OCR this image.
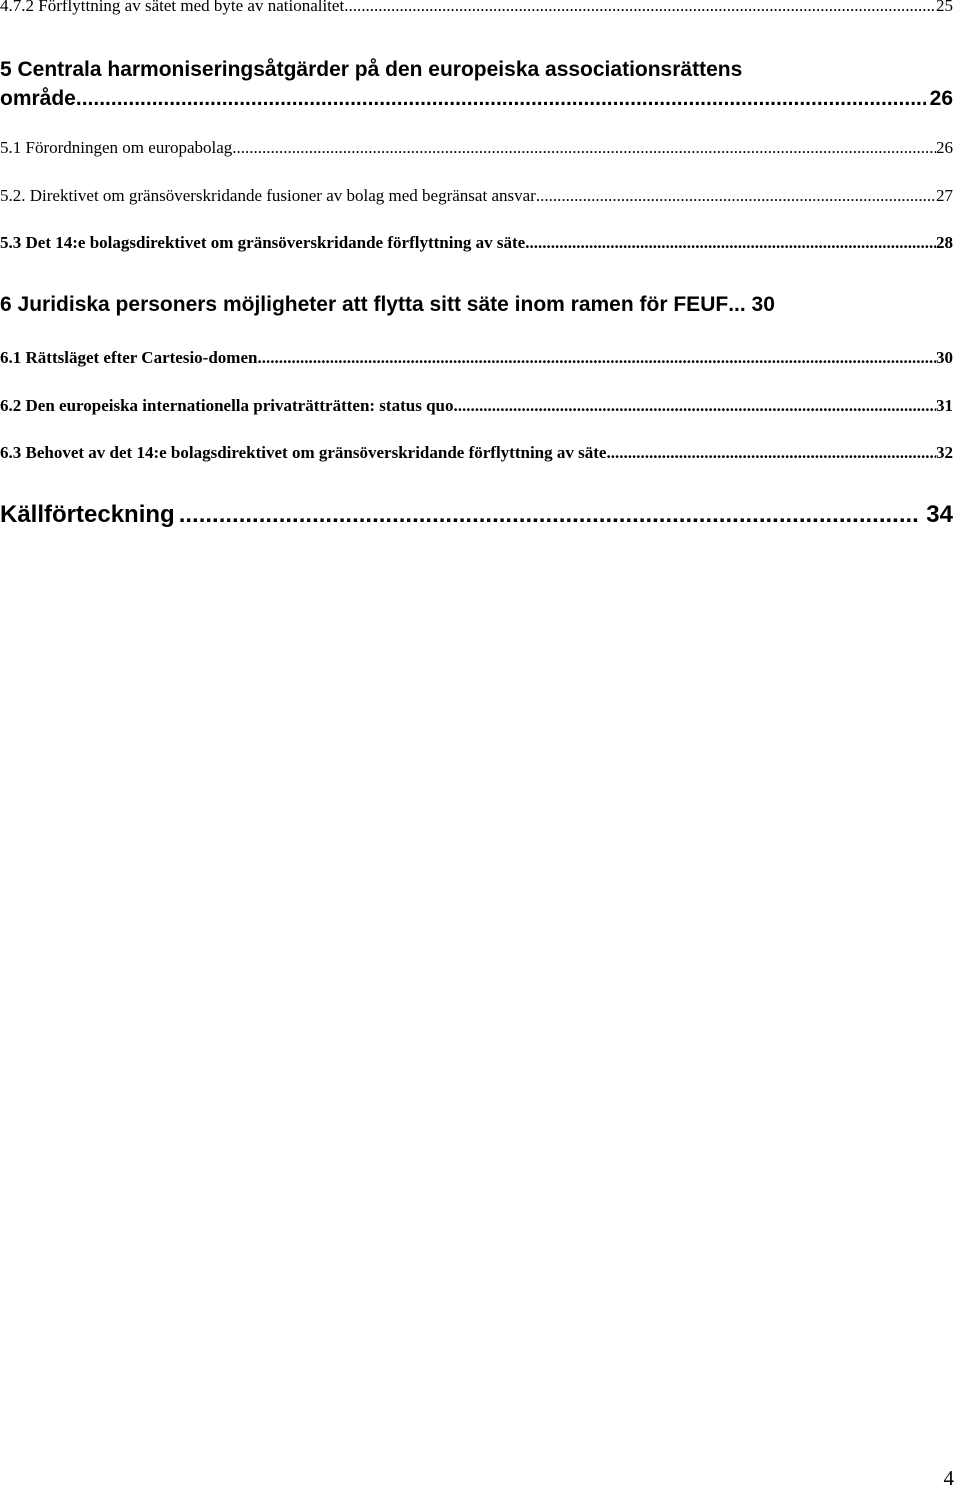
4.7.2 Förflyttning av sätet med byte av nationalitet .....	25
5 Centrala harmoniseringsåtgärder på den europeiska associationsrättens
område .....	26
5.1 Förordningen om europabolag .....	26
5.2. Direktivet om gränsöverskridande fusioner av bolag med begränsat ansvar .....	27
5.3 Det 14:e bolagsdirektivet om gränsöverskridande förflyttning av säte .....	28
6 Juridiska personers möjligheter att flytta sitt säte inom ramen för FEUF ... 30
6.1 Rättsläget efter Cartesio-domen .....	30
6.2 Den europeiska internationella privaträtträtten: status quo .....	31
6.3 Behovet av det 14:e bolagsdirektivet om gränsöverskridande förflyttning av säte .....	32
Källförteckning .....	34
4
